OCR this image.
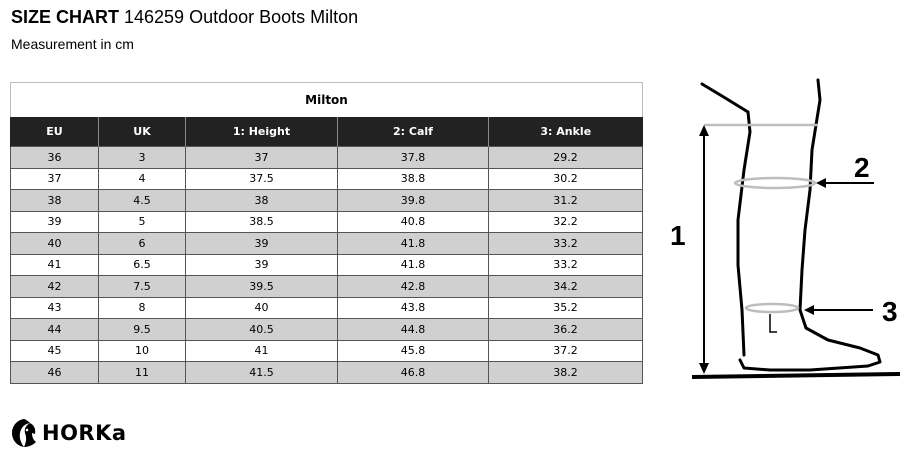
SIZE CHART 146259 Outdoor Boots Milton
Measurement in cm
Milton				
EU	UK	1: Height	2: Calf	3: Ankle
36	3	37	37.8	29.2
37	4	37.5	38.8	30.2
38	4.5	38	39.8	31.2
39	5	38.5	40.8	32.2
40	6	39	41.8	33.2
41	6.5	39	41.8	33.2
42	7.5	39.5	42.8	34.2
43	8	40	43.8	35.2
44	9.5	40.5	44.8	36.2
45	10	41	45.8	37.2
46	11	41.5	46.8	38.2
1
2
3
HORKa
